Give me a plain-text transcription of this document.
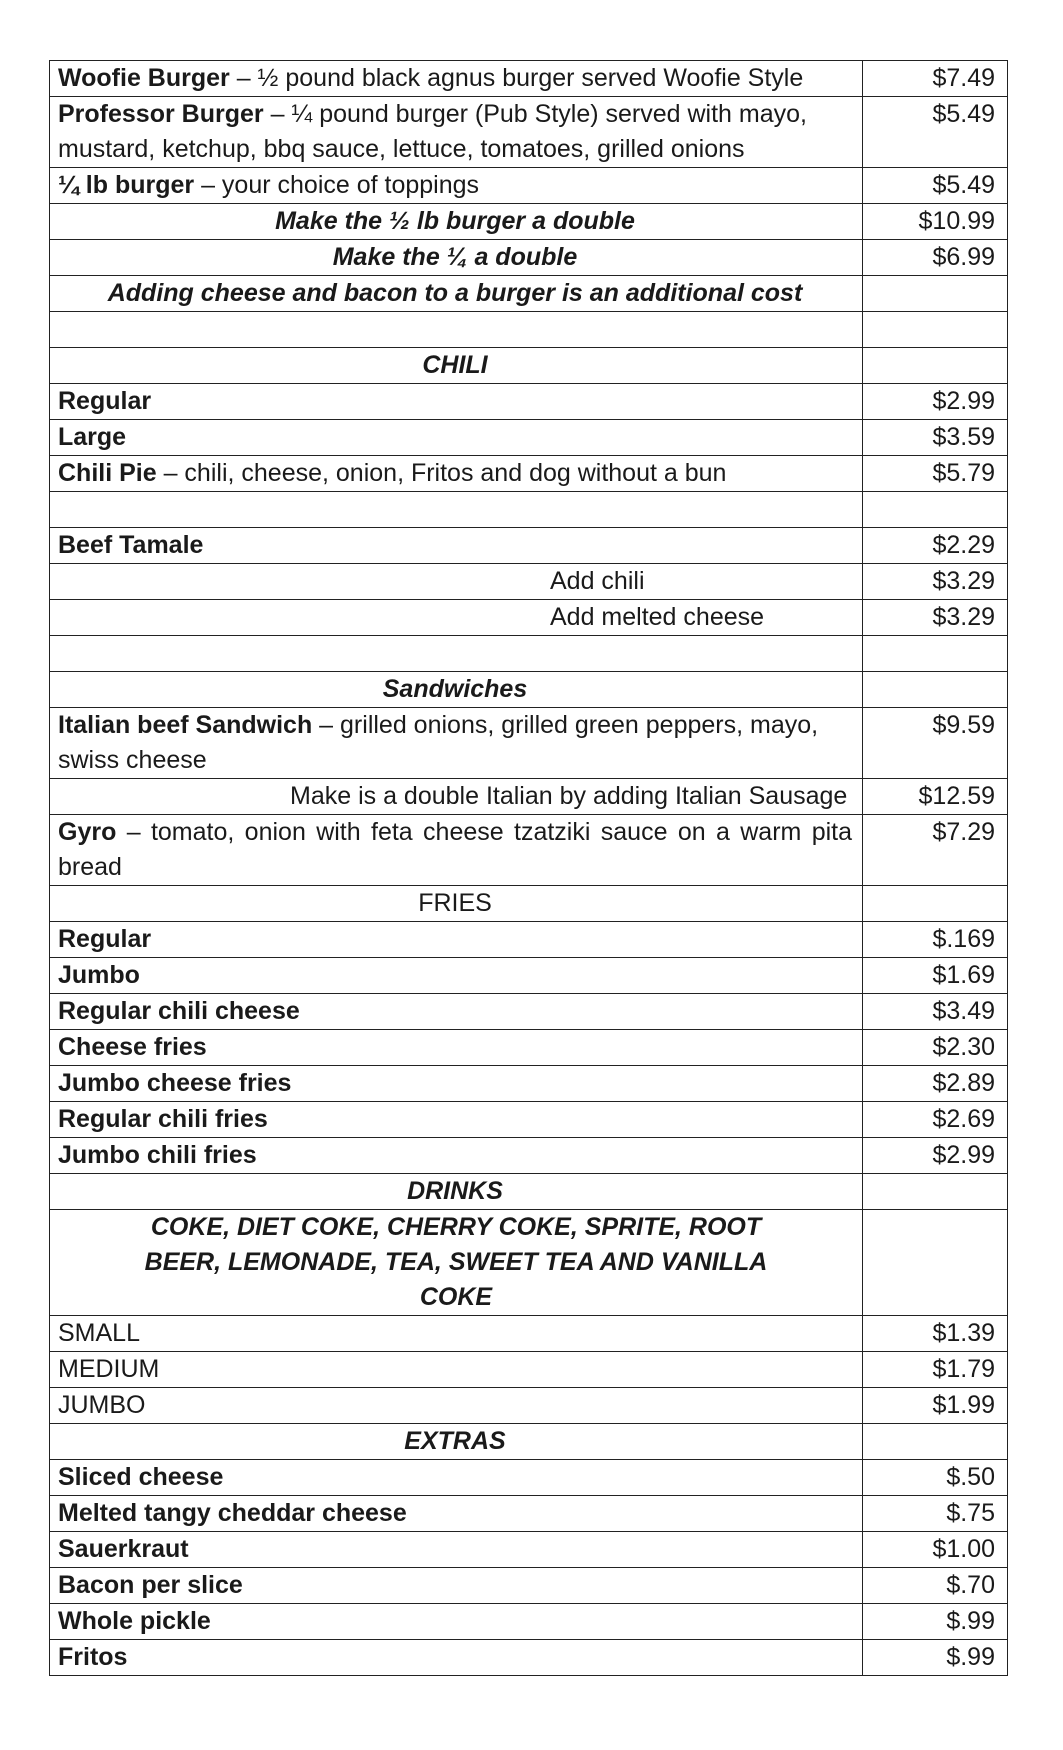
Woofie Burger – ½ pound black agnus burger served Woofie Style	$7.49
Professor Burger – ¼ pound burger (Pub Style) served with mayo, mustard, ketchup, bbq sauce, lettuce, tomatoes, grilled onions	$5.49
¼ lb burger – your choice of toppings	$5.49
Make the ½ lb burger a double	$10.99
Make the ¼ a double	$6.99
Adding cheese and bacon to a burger is an additional cost	

CHILI	
Regular	$2.99
Large	$3.59
Chili Pie – chili, cheese, onion, Fritos and dog without a bun	$5.79

Beef Tamale	$2.29
Add chili	$3.29
Add melted cheese	$3.29

Sandwiches	
Italian beef Sandwich – grilled onions, grilled green peppers, mayo, swiss cheese	$9.59
Make is a double Italian by adding Italian Sausage	$12.59
Gyro – tomato, onion with feta cheese tzatziki sauce on a warm pita bread	$7.29
FRIES	
Regular	$.169
Jumbo	$1.69
Regular chili cheese	$3.49
Cheese fries	$2.30
Jumbo cheese fries	$2.89
Regular chili fries	$2.69
Jumbo chili fries	$2.99
DRINKS	
COKE, DIET COKE, CHERRY COKE, SPRITE, ROOT BEER, LEMONADE, TEA, SWEET TEA AND VANILLA COKE	
SMALL	$1.39
MEDIUM	$1.79
JUMBO	$1.99
EXTRAS	
Sliced cheese	$.50
Melted tangy cheddar cheese	$.75
Sauerkraut	$1.00
Bacon per slice	$.70
Whole pickle	$.99
Fritos	$.99
